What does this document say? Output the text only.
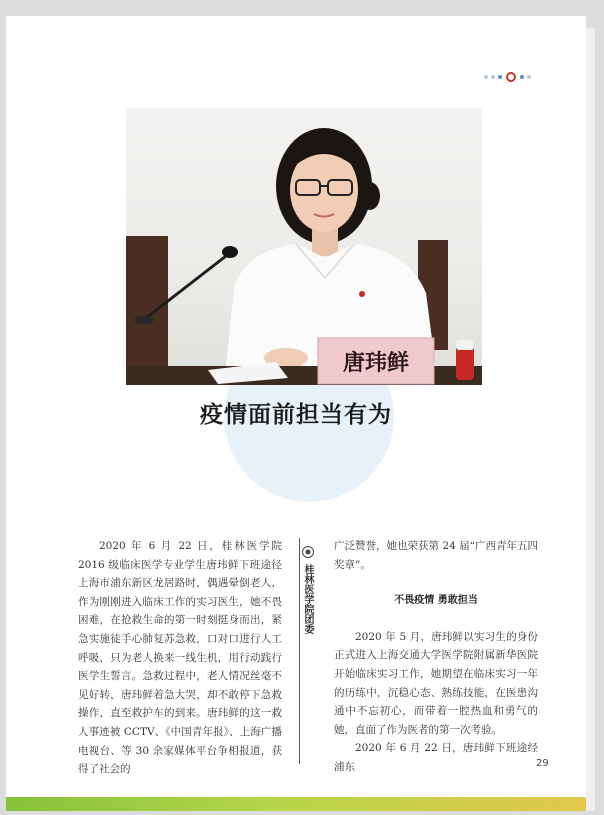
唐玮鲜
疫情面前担当有为

2020 年 6 月 22 日，桂林医学院 2016 级临床医学专业学生唐玮鲜下班途径上海市浦东新区龙居路时，偶遇晕倒老人，作为刚刚进入临床工作的实习医生，她不畏困难，在抢救生命的第一时刻挺身而出，紧急实施徒手心肺复苏急救，口对口进行人工呼吸，只为老人换来一线生机，用行动践行医学生誓言。急救过程中，老人情况丝毫不见好转，唐玮鲜着急大哭，却不敢停下急救操作，直至救护车的到来。唐玮鲜的这一救人事迹被 CCTV、《中国青年报》、上海广播电视台、等 30 余家媒体平台争相报道，获得了社会的

桂林医学院团委

广泛赞誉，她也荣获第 24 届“广西青年五四奖章”。

不畏疫情 勇敢担当

2020 年 5 月，唐玮鲜以实习生的身份正式进入上海交通大学医学院附属新华医院开始临床实习工作，她期望在临床实习一年的历练中，沉稳心态、熟练技能，在医患沟通中不忘初心，而带着一腔热血和勇气的她，直面了作为医者的第一次考验。

2020 年 6 月 22 日，唐玮鲜下班途经浦东	29
